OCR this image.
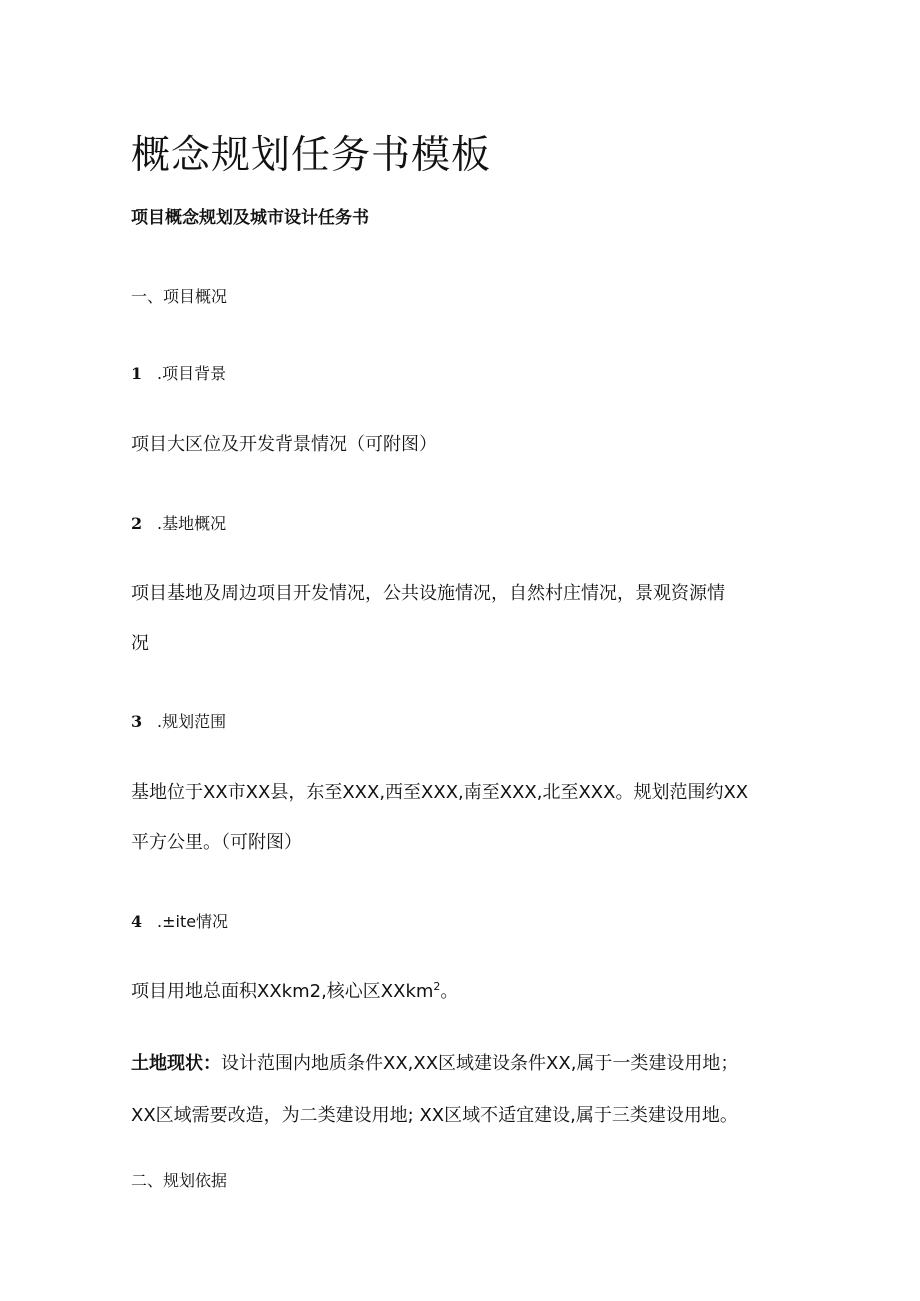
概念规划任务书模板
项目概念规划及城市设计任务书
一、项目概况
1 .项目背景
项目大区位及开发背景情况（可附图）
2 .基地概况
项目基地及周边项目开发情况，公共设施情况，自然村庄情况，景观资源情
况
3 .规划范围
基地位于XX市XX县，东至XXX,西至XXX,南至XXX,北至XXX。规划范围约XX
平方公里。（可附图）
4 .±ite情况
项目用地总面积XXkm2,核心区XXkm$^2$。
土地现状：设计范围内地质条件XX,XX区域建设条件XX,属于一类建设用地；
XX区域需要改造，为二类建设用地; XX区域不适宜建设,属于三类建设用地。
二、规划依据
